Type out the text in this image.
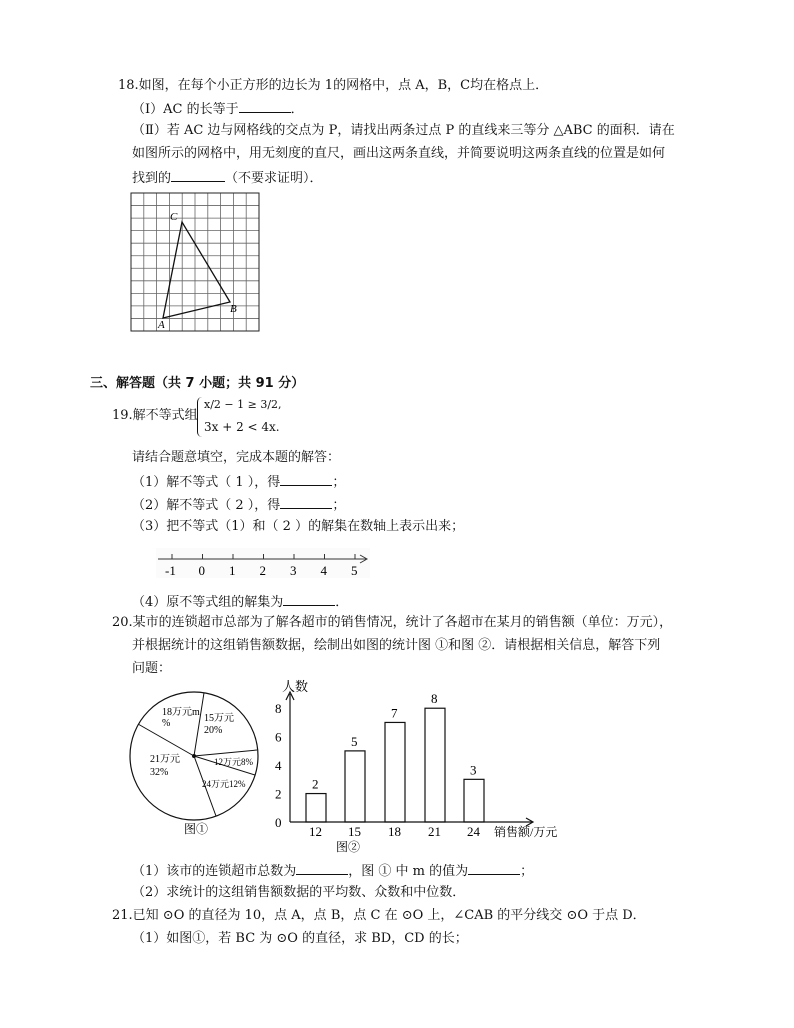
18.如图，在每个小正方形的边长为 1的网格中，点 A，B，C均在格点上．
（Ⅰ）AC 的长等于	．
（Ⅱ）若 AC 边与网格线的交点为 P，请找出两条过点 P 的直线来三等分 △ABC 的面积．请在
如图所示的网格中，用无刻度的直尺，画出这两条直线，并简要说明这两条直线的位置是如何
找到的	（不要求证明）．
C
A
B
三、解答题（共 7 小题；共 91 分）
19.解不等式组
x/2 − 1 ≥ 3/2,
3x + 2 < 4x.
请结合题意填空，完成本题的解答：
（1）解不等式（ 1 ），得	；
（2）解不等式（ 2 ），得	；
（3）把不等式（1）和（ 2 ）的解集在数轴上表示出来；
-1 0 1 2 3 4 5
（4）原不等式组的解集为	．
20.某市的连锁超市总部为了解各超市的销售情况，统计了各超市在某月的销售额（单位：万元），
并根据统计的这组销售额数据，绘制出如图的统计图 ①和图 ②．请根据相关信息，解答下列
问题：
18万元m
%	15万元
20%
12万元8%
24万元12%
21万元
32%
图①
2
5
7
8
3
0
2
4
6
8
12 15 18 21 24
人数
销售额/万元
图②
（1）该市的连锁超市总数为	，图 ① 中 m 的值为	；
（2）求统计的这组销售额数据的平均数、众数和中位数．
21.已知 ⊙O 的直径为 10，点 A，点 B，点 C 在 ⊙O 上，∠CAB 的平分线交 ⊙O 于点 D．
（1）如图①，若 BC 为 ⊙O 的直径，求 BD，CD 的长；
